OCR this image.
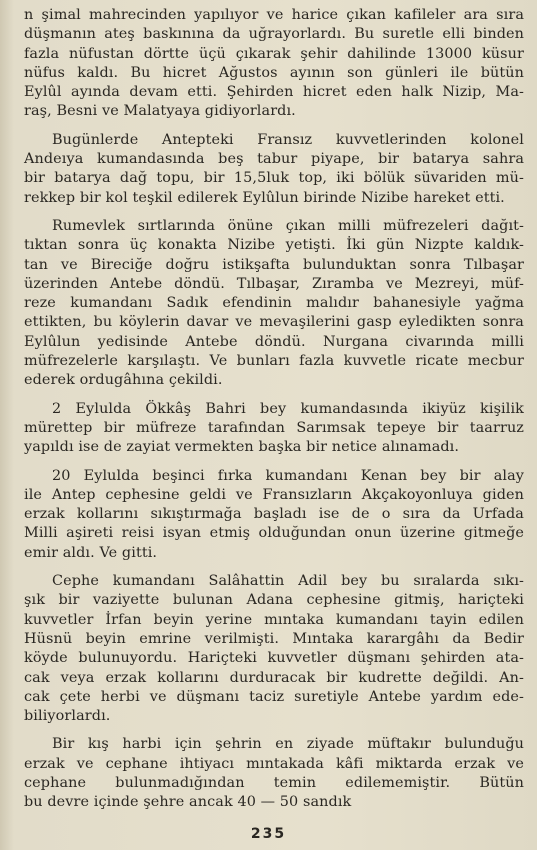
n şimal mahrecinden yapılıyor ve harice çıkan kafileler ara sıra
düşmanın ateş baskınına da uğrayorlardı. Bu suretle elli binden
fazla nüfustan dörtte üçü çıkarak şehir dahilinde 13000 küsur
nüfus kaldı. Bu hicret Ağustos ayının son günleri ile bütün
Eylûl ayında devam etti. Şehirden hicret eden halk Nizip, Ma-
raş, Besni ve Malatyaya gidiyorlardı.
Bugünlerde Antepteki Fransız kuvvetlerinden kolonel
Andeıya kumandasında beş tabur piyape, bir batarya sahra
bir batarya dağ topu, bir 15,5luk top, iki bölük süvariden mü-
rekkep bir kol teşkil edilerek Eylûlun birinde Nizibe hareket etti.
Rumevlek sırtlarında önüne çıkan milli müfrezeleri dağıt-
tıktan sonra üç konakta Nizibe yetişti. İki gün Nizpte kaldık-
tan ve Bireciğe doğru istikşafta bulunduktan sonra Tılbaşar
üzerinden Antebe döndü. Tılbaşar, Zıramba ve Mezreyi, müf-
reze kumandanı Sadık efendinin malıdır bahanesiyle yağma
ettikten, bu köylerin davar ve mevaşilerini gasp eyledikten sonra
Eylûlun yedisinde Antebe döndü. Nurgana civarında milli
müfrezelerle karşılaştı. Ve bunları fazla kuvvetle ricate mecbur
ederek ordugâhına çekildi.
2 Eylulda Ökkâş Bahri bey kumandasında ikiyüz kişilik
mürettep bir müfreze tarafından Sarımsak tepeye bir taarruz
yapıldı ise de zayiat vermekten başka bir netice alınamadı.
20 Eylulda beşinci fırka kumandanı Kenan bey bir alay
ile Antep cephesine geldi ve Fransızların Akçakoyonluya giden
erzak kollarını sıkıştırmağa başladı ise de o sıra da Urfada
Milli aşireti reisi isyan etmiş olduğundan onun üzerine gitmeğe
emir aldı. Ve gitti.
Cephe kumandanı Salâhattin Adil bey bu sıralarda sıkı-
şık bir vaziyette bulunan Adana cephesine gitmiş, hariçteki
kuvvetler İrfan beyin yerine mıntaka kumandanı tayin edilen
Hüsnü beyin emrine verilmişti. Mıntaka karargâhı da Bedir
köyde bulunuyordu. Hariçteki kuvvetler düşmanı şehirden ata-
cak veya erzak kollarını durduracak bir kudrette değildi. An-
cak çete herbi ve düşmanı taciz suretiyle Antebe yardım ede-
biliyorlardı.
Bir kış harbi için şehrin en ziyade müftakır bulunduğu
erzak ve cephane ihtiyacı mıntakada kâfi miktarda erzak ve
cephane bulunmadığından temin edilememiştir. Bütün
bu devre içinde şehre ancak 40 — 50 sandık
235
